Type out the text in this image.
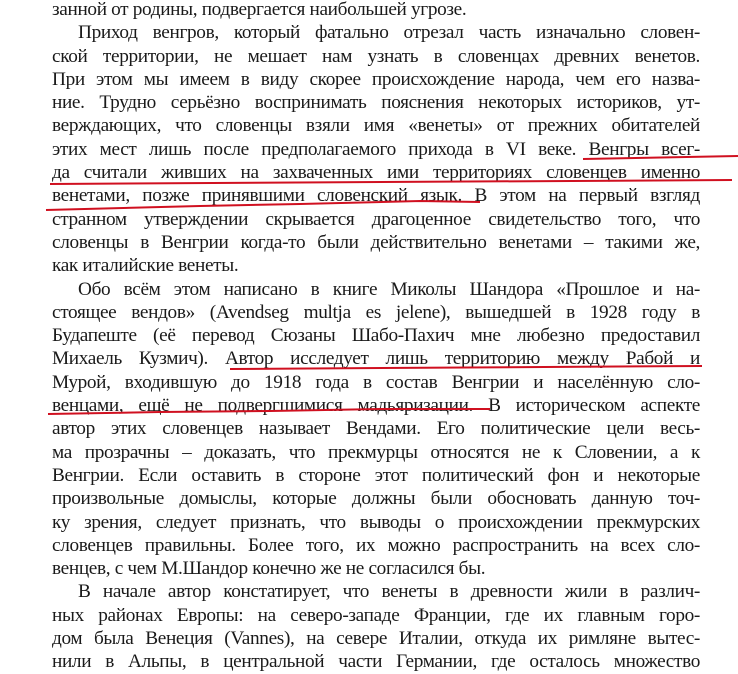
занной от родины, подвергается наибольшей угрозе.
Приход венгров, который фатально отрезал часть изначально словен-
ской территории, не мешает нам узнать в словенцах древних венетов.
При этом мы имеем в виду скорее происхождение народа, чем его назва-
ние. Трудно серьёзно воспринимать пояснения некоторых историков, ут-
верждающих, что словенцы взяли имя «венеты» от прежних обитателей
этих мест лишь после предполагаемого прихода в VI веке. Венгры всег-
да считали живших на захваченных ими территориях словенцев именно
венетами, позже принявшими словенский язык. В этом на первый взгляд
странном утверждении скрывается драгоценное свидетельство того, что
словенцы в Венгрии когда-то были действительно венетами – такими же,
как италийские венеты.
Обо всём этом написано в книге Миколы Шандора «Прошлое и на-
стоящее вендов» (Avendseg multja es jelene), вышедшей в 1928 году в
Будапеште (её перевод Сюзаны Шабо-Пахич мне любезно предоставил
Михаель Кузмич). Автор исследует лишь территорию между Рабой и
Мурой, входившую до 1918 года в состав Венгрии и населённую сло-
венцами, ещё не подвергшимися мадьяризации. В историческом аспекте
автор этих словенцев называет Вендами. Его политические цели весь-
ма прозрачны – доказать, что прекмурцы относятся не к Словении, а к
Венгрии. Если оставить в стороне этот политический фон и некоторые
произвольные домыслы, которые должны были обосновать данную точ-
ку зрения, следует признать, что выводы о происхождении прекмурских
словенцев правильны. Более того, их можно распространить на всех сло-
венцев, с чем М.Шандор конечно же не согласился бы.
В начале автор констатирует, что венеты в древности жили в различ-
ных районах Европы: на северо-западе Франции, где их главным горо-
дом была Венеция (Vannes), на севере Италии, откуда их римляне вытес-
нили в Альпы, в центральной части Германии, где осталось множество
